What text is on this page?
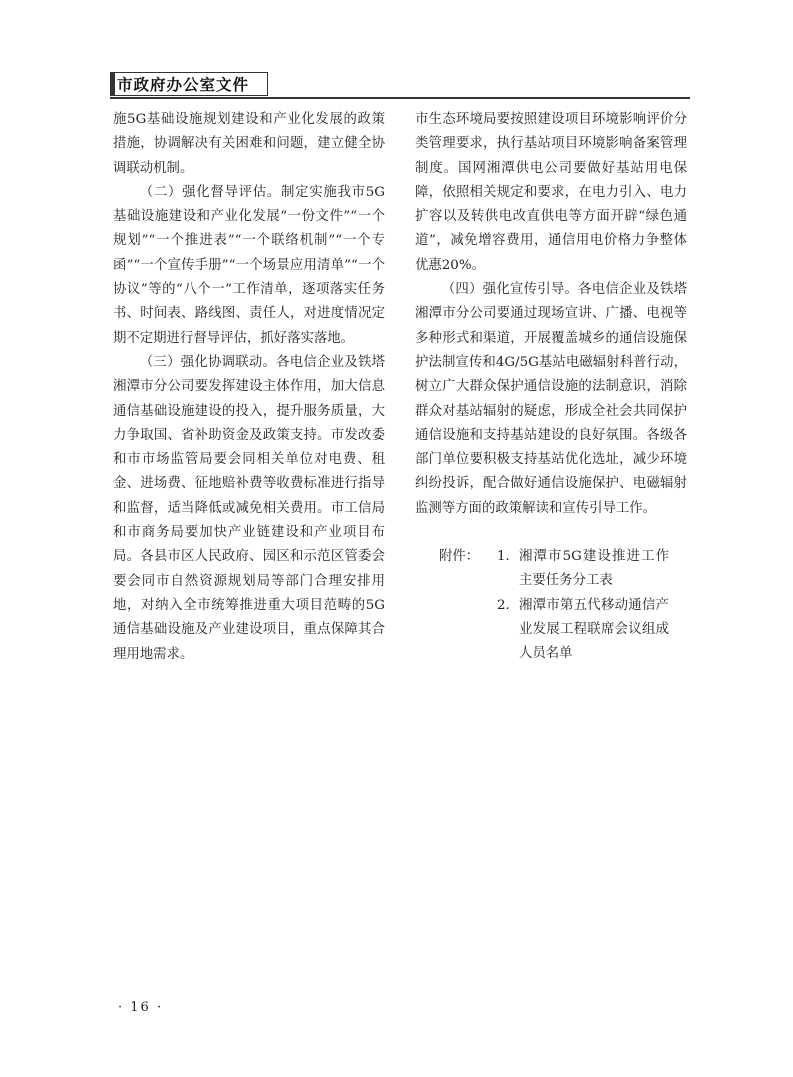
市政府办公室文件

施5G基础设施规划建设和产业化发展的政策措施，协调解决有关困难和问题，建立健全协调联动机制。

（二）强化督导评估。制定实施我市5G基础设施建设和产业化发展“一份文件”“一个规划”“一个推进表”“一个联络机制”“一个专函”“一个宣传手册”“一个场景应用清单”“一个协议”等的“八个一”工作清单，逐项落实任务书、时间表、路线图、责任人，对进度情况定期不定期进行督导评估，抓好落实落地。

（三）强化协调联动。各电信企业及铁塔湘潭市分公司要发挥建设主体作用，加大信息通信基础设施建设的投入，提升服务质量，大力争取国、省补助资金及政策支持。市发改委和市市场监管局要会同相关单位对电费、租金、进场费、征地赔补费等收费标准进行指导和监督，适当降低或减免相关费用。市工信局和市商务局要加快产业链建设和产业项目布局。各县市区人民政府、园区和示范区管委会要会同市自然资源规划局等部门合理安排用地，对纳入全市统筹推进重大项目范畴的5G通信基础设施及产业建设项目，重点保障其合理用地需求。

市生态环境局要按照建设项目环境影响评价分类管理要求，执行基站项目环境影响备案管理制度。国网湘潭供电公司要做好基站用电保障，依照相关规定和要求，在电力引入、电力扩容以及转供电改直供电等方面开辟“绿色通道”，减免增容费用，通信用电价格力争整体优惠20%。

（四）强化宣传引导。各电信企业及铁塔湘潭市分公司要通过现场宣讲、广播、电视等多种形式和渠道，开展覆盖城乡的通信设施保护法制宣传和4G/5G基站电磁辐射科普行动，树立广大群众保护通信设施的法制意识，消除群众对基站辐射的疑虑，形成全社会共同保护通信设施和支持基站建设的良好氛围。各级各部门单位要积极支持基站优化选址，减少环境纠纷投诉，配合做好通信设施保护、电磁辐射监测等方面的政策解读和宣传引导工作。

附件：	1. 湘潭市5G建设推进工作主要任务分工表
2. 湘潭市第五代移动通信产业发展工程联席会议组成人员名单
· 16 ·
